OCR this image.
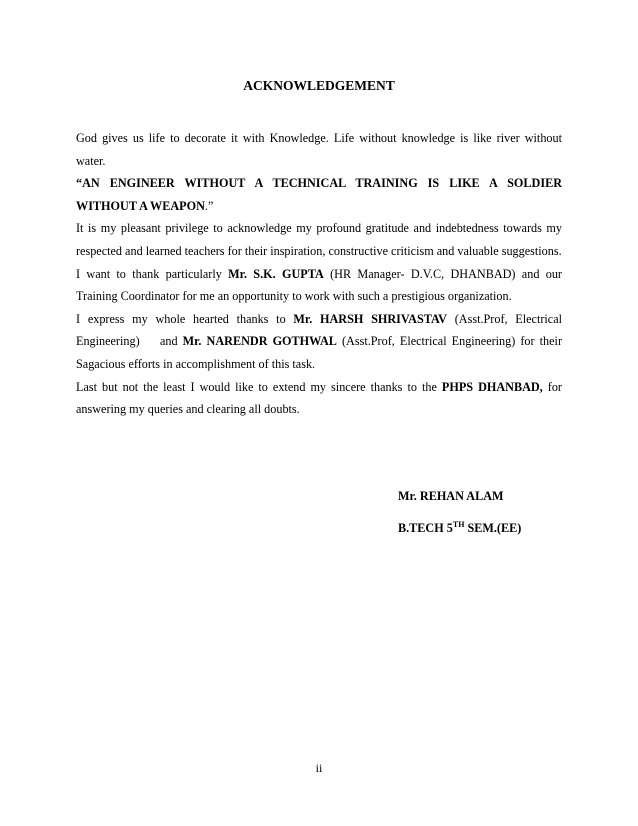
ACKNOWLEDGEMENT

God gives us life to decorate it with Knowledge. Life without knowledge is like river without water.

“AN ENGINEER WITHOUT A TECHNICAL TRAINING IS LIKE A SOLDIER WITHOUT A WEAPON.”

It is my pleasant privilege to acknowledge my profound gratitude and indebtedness towards my respected and learned teachers for their inspiration, constructive criticism and valuable suggestions.

I want to thank particularly Mr. S.K. GUPTA (HR Manager- D.V.C, DHANBAD) and our Training Coordinator for me an opportunity to work with such a prestigious organization.

I express my whole hearted thanks to Mr. HARSH SHRIVASTAV (Asst.Prof, Electrical Engineering)    and Mr. NARENDR GOTHWAL (Asst.Prof, Electrical Engineering) for their Sagacious efforts in accomplishment of this task.

Last but not the least I would like to extend my sincere thanks to the PHPS DHANBAD, for answering my queries and clearing all doubts.

Mr. REHAN ALAM
B.TECH 5TH SEM.(EE)
ii
